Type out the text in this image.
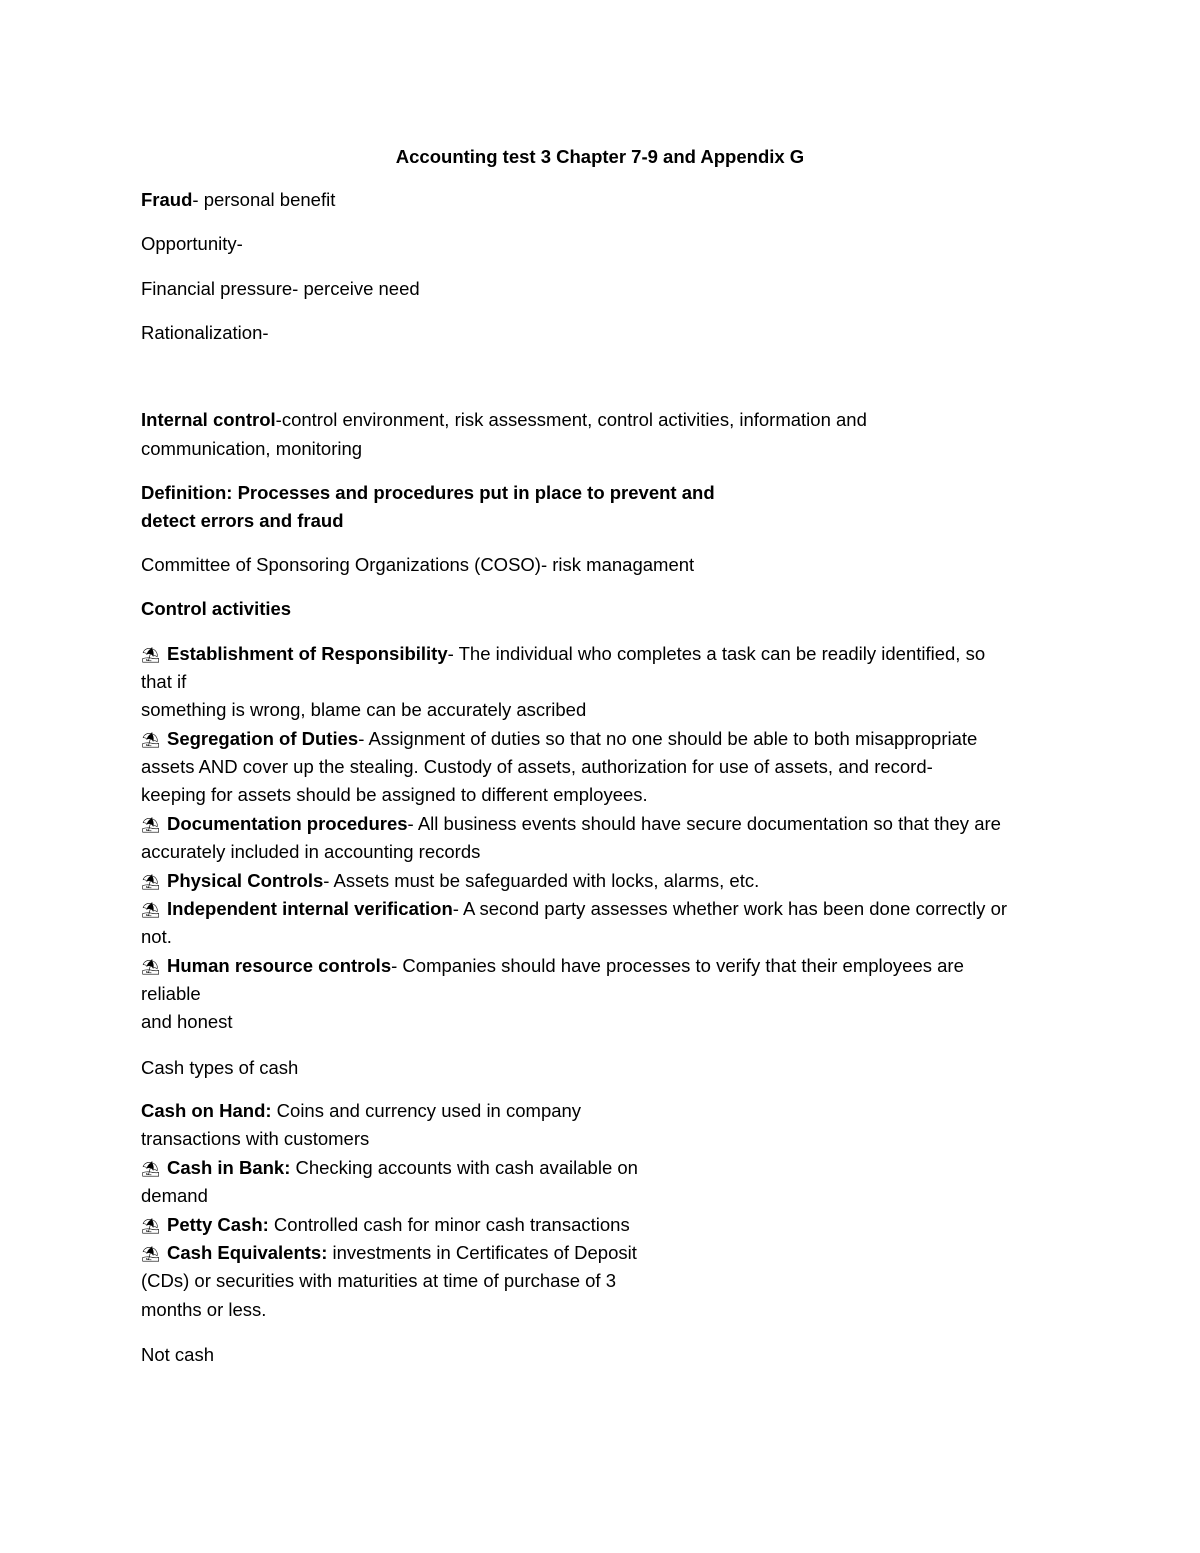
Accounting test 3 Chapter 7-9 and Appendix G
Fraud- personal benefit
Opportunity-
Financial pressure- perceive need
Rationalization-
Internal control-control environment, risk assessment, control activities, information and
communication, monitoring
Definition: Processes and procedures put in place to prevent and
detect errors and fraud
Committee of Sponsoring Organizations (COSO)- risk managament
Control activities
⛱ Establishment of Responsibility- The individual who completes a task can be readily identified, so
that if
something is wrong, blame can be accurately ascribed
⛱ Segregation of Duties- Assignment of duties so that no one should be able to both misappropriate
assets AND cover up the stealing. Custody of assets, authorization for use of assets, and record-
keeping for assets should be assigned to different employees.
⛱ Documentation procedures- All business events should have secure documentation so that they are
accurately included in accounting records
⛱ Physical Controls- Assets must be safeguarded with locks, alarms, etc.
⛱ Independent internal verification- A second party assesses whether work has been done correctly or
not.
⛱ Human resource controls- Companies should have processes to verify that their employees are
reliable
and honest
Cash types of cash
Cash on Hand: Coins and currency used in company
transactions with customers
⛱ Cash in Bank: Checking accounts with cash available on
demand
⛱ Petty Cash: Controlled cash for minor cash transactions
⛱ Cash Equivalents: investments in Certificates of Deposit
(CDs) or securities with maturities at time of purchase of 3
months or less.
Not cash
